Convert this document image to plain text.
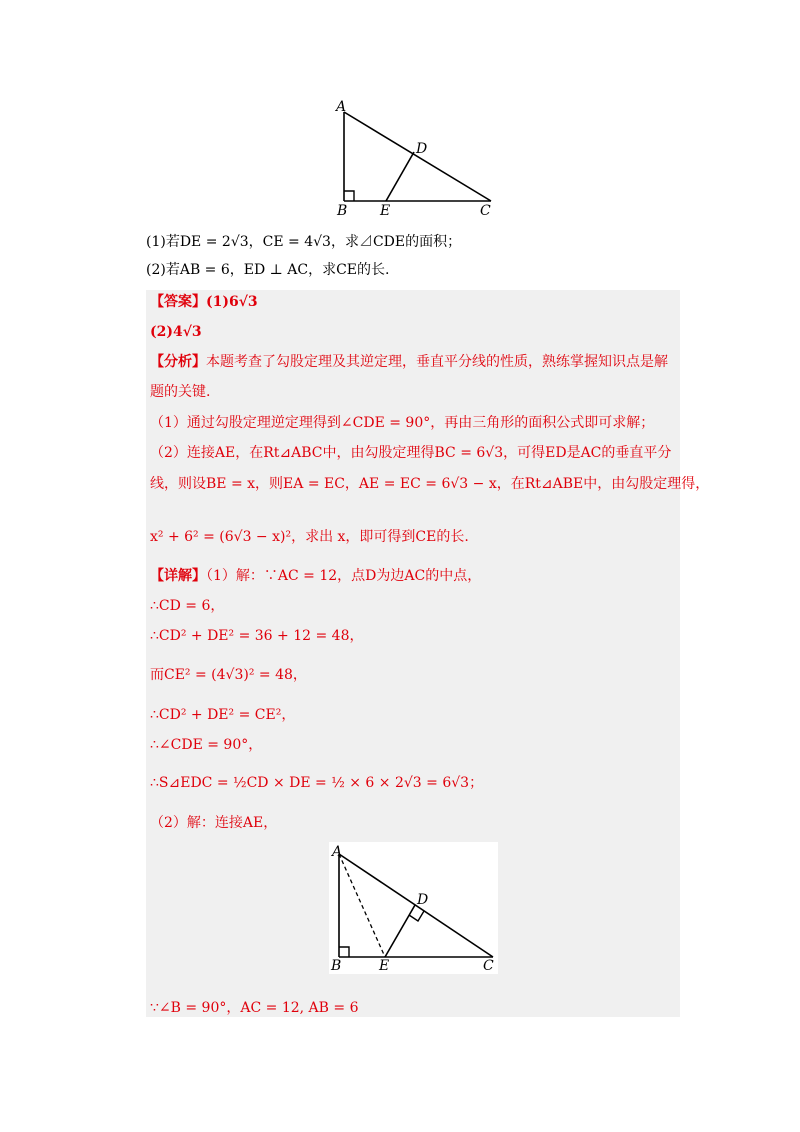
A
B	C
D
E
(1)若DE = 2√3，CE = 4√3，求⊿CDE的面积；
(2)若AB = 6，ED ⊥ AC，求CE的长.
【答案】(1)6√3
(2)4√3
【分析】本题考查了勾股定理及其逆定理，垂直平分线的性质，熟练掌握知识点是解
题的关键.
（1）通过勾股定理逆定理得到∠CDE = 90°，再由三角形的面积公式即可求解；
（2）连接AE，在Rt⊿ABC中，由勾股定理得BC = 6√3，可得ED是AC的垂直平分
线，则设BE = x，则EA = EC，AE = EC = 6√3 − x，在Rt⊿ABE中，由勾股定理得，
x² + 6² = (6√3 − x)²，求出 x，即可得到CE的长.
【详解】（1）解：∵AC = 12，点D为边AC的中点，
∴CD = 6，
∴CD² + DE² = 36 + 12 = 48，
而CE² = (4√3)² = 48，
∴CD² + DE² = CE²，
∴∠CDE = 90°，
∴S⊿EDC = ½CD × DE = ½ × 6 × 2√3 = 6√3；
（2）解：连接AE，
A
B	C
D
E
∵∠B = 90°，AC = 12, AB = 6
